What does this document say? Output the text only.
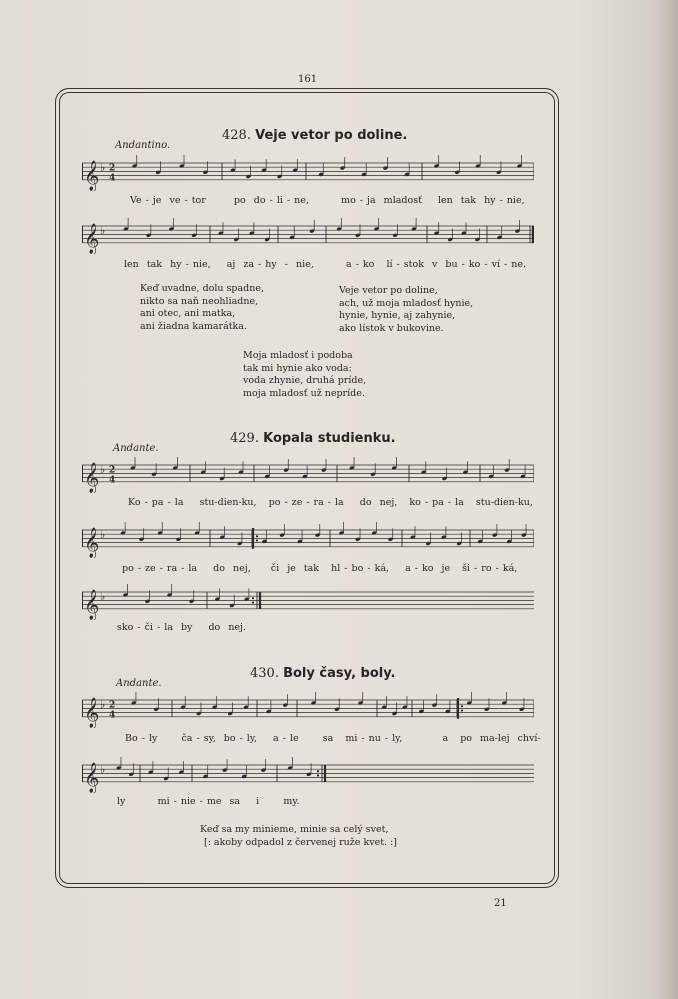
161
428. Veje vetor po doline.
Andantino.
𝄞 ♭ 2
4
Ve - je  ve - tor       po  do - li - ne,        mo - ja  mladosť    len  tak  hy - nie,
𝄞 ♭
len  tak  hy - nie,    aj  za - hy  -  nie,        a - ko   lí - stok  v  bu - ko - ví - ne.
Keď uvadne, dolu spadne,
nikto sa naň neohliadne,
ani otec, ani matka,
ani žiadna kamarátka.
Veje vetor po doline,
ach, už moja mladosť hynie,
hynie, hynie, aj zahynie,
ako lístok v bukovine.
Moja mladosť i podoba
tak mi hynie ako voda:
voda zhynie, druhá príde,
moja mladosť už nepríde.
429. Kopala studienku.
Andante.
𝄞 ♭ 2
4
Ko - pa - la    stu-dien-ku,   po - ze - ra - la    do  nej,   ko - pa - la   stu-dien-ku,
𝄞 ♭
po - ze - ra - la    do  nej,     či  je  tak   hl - bo - ká,    a - ko  je   ši - ro - ká,
𝄞 ♭
sko - či - la  by    do  nej.
430. Boly časy, boly.
Andante.
𝄞 ♭ 2
4
Bo - ly      ča - sy,  bo - ly,    a - le      sa   mi - nu - ly,          a   po  ma-lej  chví-
𝄞 ♭
ly        mi - nie - me  sa    i      my.
Keď sa my minieme, minie sa celý svet,
[: akoby odpadol z červenej ruže kvet. :]
21
